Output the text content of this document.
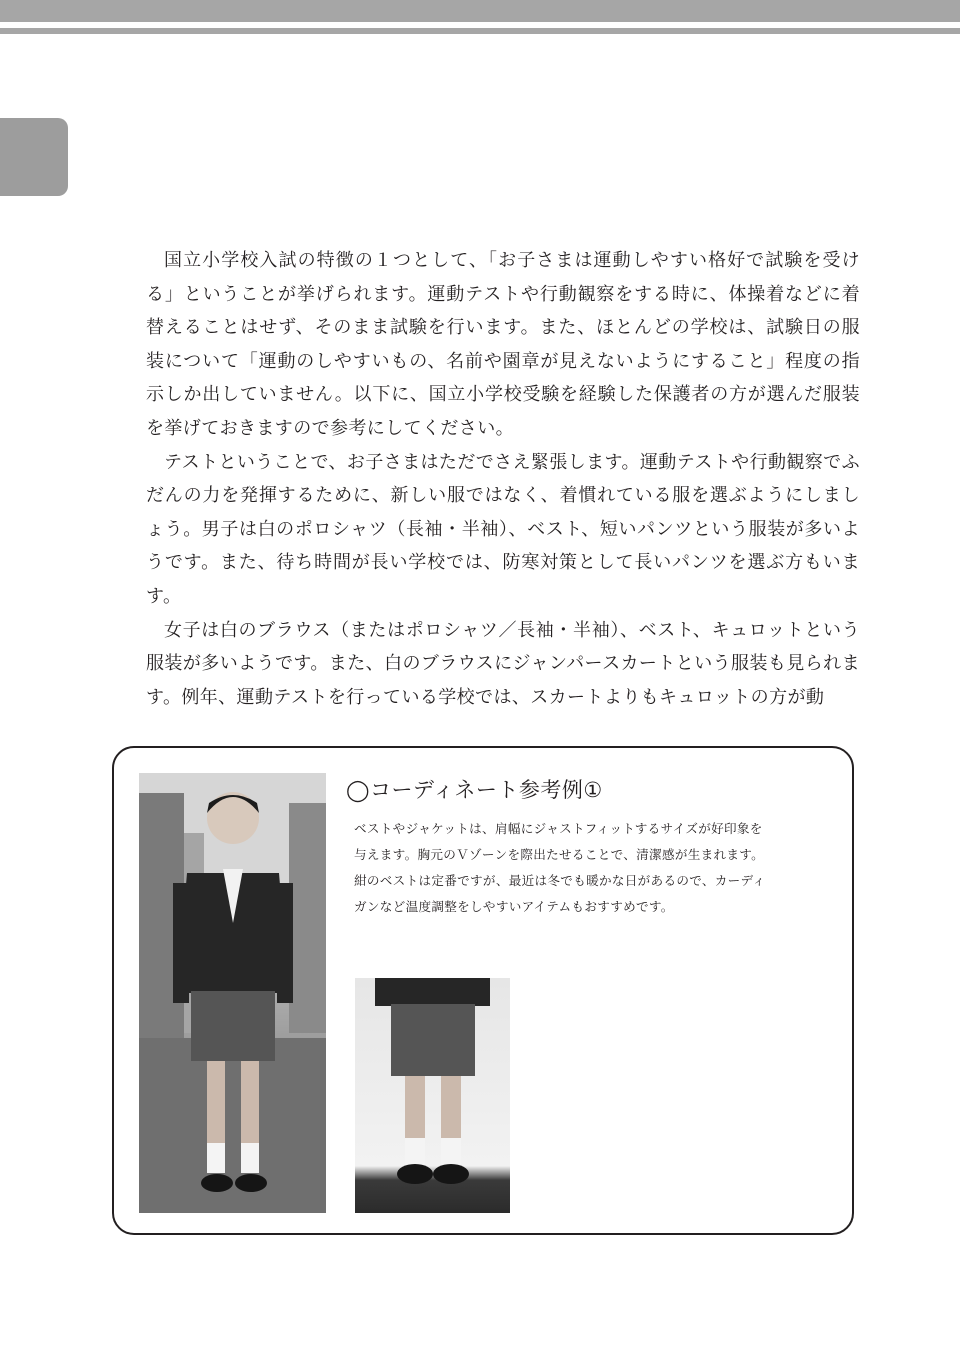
国立小学校入試の特徴の１つとして、「お子さまは運動しやすい格好で試験を受ける」ということが挙げられます。運動テストや行動観察をする時に、体操着などに着替えることはせず、そのまま試験を行います。また、ほとんどの学校は、試験日の服装について「運動のしやすいもの、名前や園章が見えないようにすること」程度の指示しか出していません。以下に、国立小学校受験を経験した保護者の方が選んだ服装を挙げておきますので参考にしてください。

テストということで、お子さまはただでさえ緊張します。運動テストや行動観察でふだんの力を発揮するために、新しい服ではなく、着慣れている服を選ぶようにしましょう。男子は白のポロシャツ（長袖・半袖）、ベスト、短いパンツという服装が多いようです。また、待ち時間が長い学校では、防寒対策として長いパンツを選ぶ方もいます。

女子は白のブラウス（またはポロシャツ／長袖・半袖）、ベスト、キュロットという服装が多いようです。また、白のブラウスにジャンパースカートという服装も見られます。例年、運動テストを行っている学校では、スカートよりもキュロットの方が動

◯コーディネート参考例①
ベストやジャケットは、肩幅にジャストフィットするサイズが好印象を
与えます。胸元のＶゾーンを際出たせることで、清潔感が生まれます。
紺のベストは定番ですが、最近は冬でも暖かな日があるので、カーディ
ガンなど温度調整をしやすいアイテムもおすすめです。
